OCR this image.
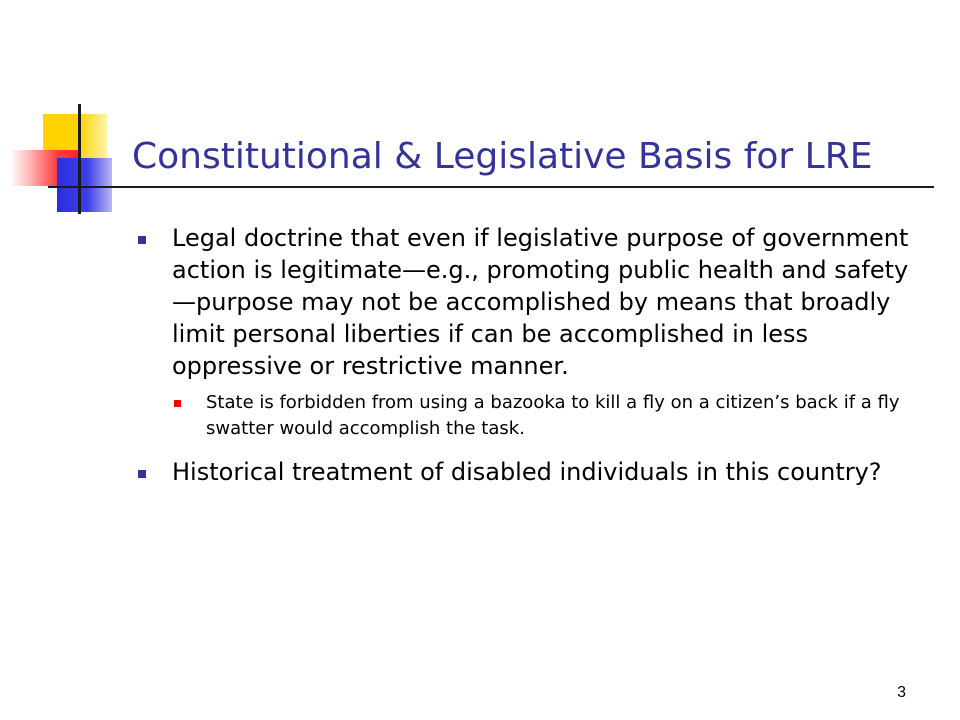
Constitutional & Legislative Basis for LRE
Legal doctrine that even if legislative purpose of government action is legitimate—e.g., promoting public health and safety—purpose may not be accomplished by means that broadly limit personal liberties if can be accomplished in less oppressive or restrictive manner.
State is forbidden from using a bazooka to kill a fly on a citizen’s back if a fly swatter would accomplish the task.
Historical treatment of disabled individuals in this country?
3
